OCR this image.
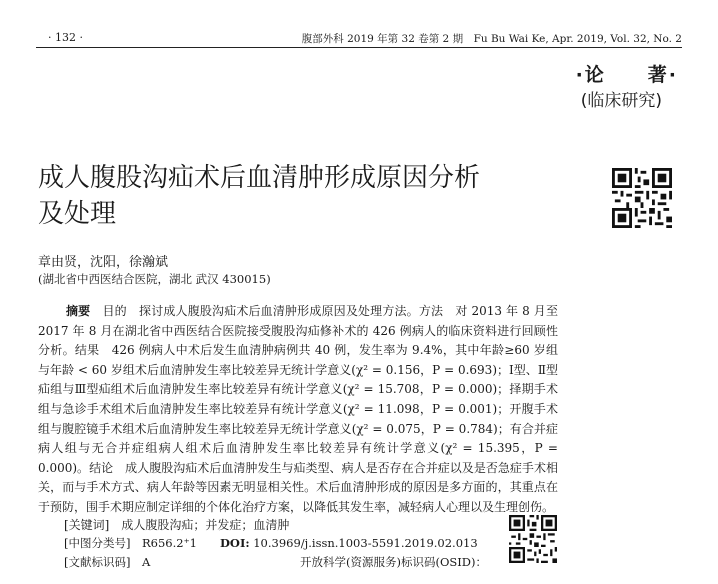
· 132 ·	腹部外科 2019 年第 32 卷第 2 期　Fu Bu Wai Ke, Apr. 2019, Vol. 32, No. 2
·论　　著·
(临床研究)
成人腹股沟疝术后血清肿形成原因分析
及处理
章由贤，沈阳，徐瀚斌
(湖北省中西医结合医院，湖北 武汉 430015)
摘要　 目的　 探讨成人腹股沟疝术后血清肿形成原因及处理方法。方法　 对 2013 年 8 月至 2017 年 8 月在湖北省中西医结合医院接受腹股沟疝修补术的 426 例病人的临床资料进行回顾性分析。结果　 426 例病人中术后发生血清肿病例共 40 例，发生率为 9.4%，其中年龄≥60 岁组与年龄 < 60 岁组术后血清肿发生率比较差异无统计学意义(χ² = 0.156，P = 0.693)；Ⅰ型、Ⅱ型疝组与Ⅲ型疝组术后血清肿发生率比较差异有统计学意义(χ² = 15.708，P = 0.000)；择期手术组与急诊手术组术后血清肿发生率比较差异有统计学意义(χ² = 11.098，P = 0.001)；开腹手术组与腹腔镜手术组术后血清肿发生率比较差异无统计学意义(χ² = 0.075，P = 0.784)；有合并症病人组与无合并症组病人组术后血清肿发生率比较差异有统计学意义(χ² = 15.395，P = 0.000)。结论　 成人腹股沟疝术后血清肿发生与疝类型、病人是否存在合并症以及是否急症手术相关，而与手术方式、病人年龄等因素无明显相关性。术后血清肿形成的原因是多方面的，其重点在于预防，围手术期应制定详细的个体化治疗方案，以降低其发生率，减轻病人心理以及生理创伤。
[关键词]　 成人腹股沟疝；并发症；血清肿
[中图分类号]　 R656.2⁺1　　 DOI: 10.3969/j.issn.1003-5591.2019.02.013
[文献标识码]　 A	开放科学(资源服务)标识码(OSID)：
